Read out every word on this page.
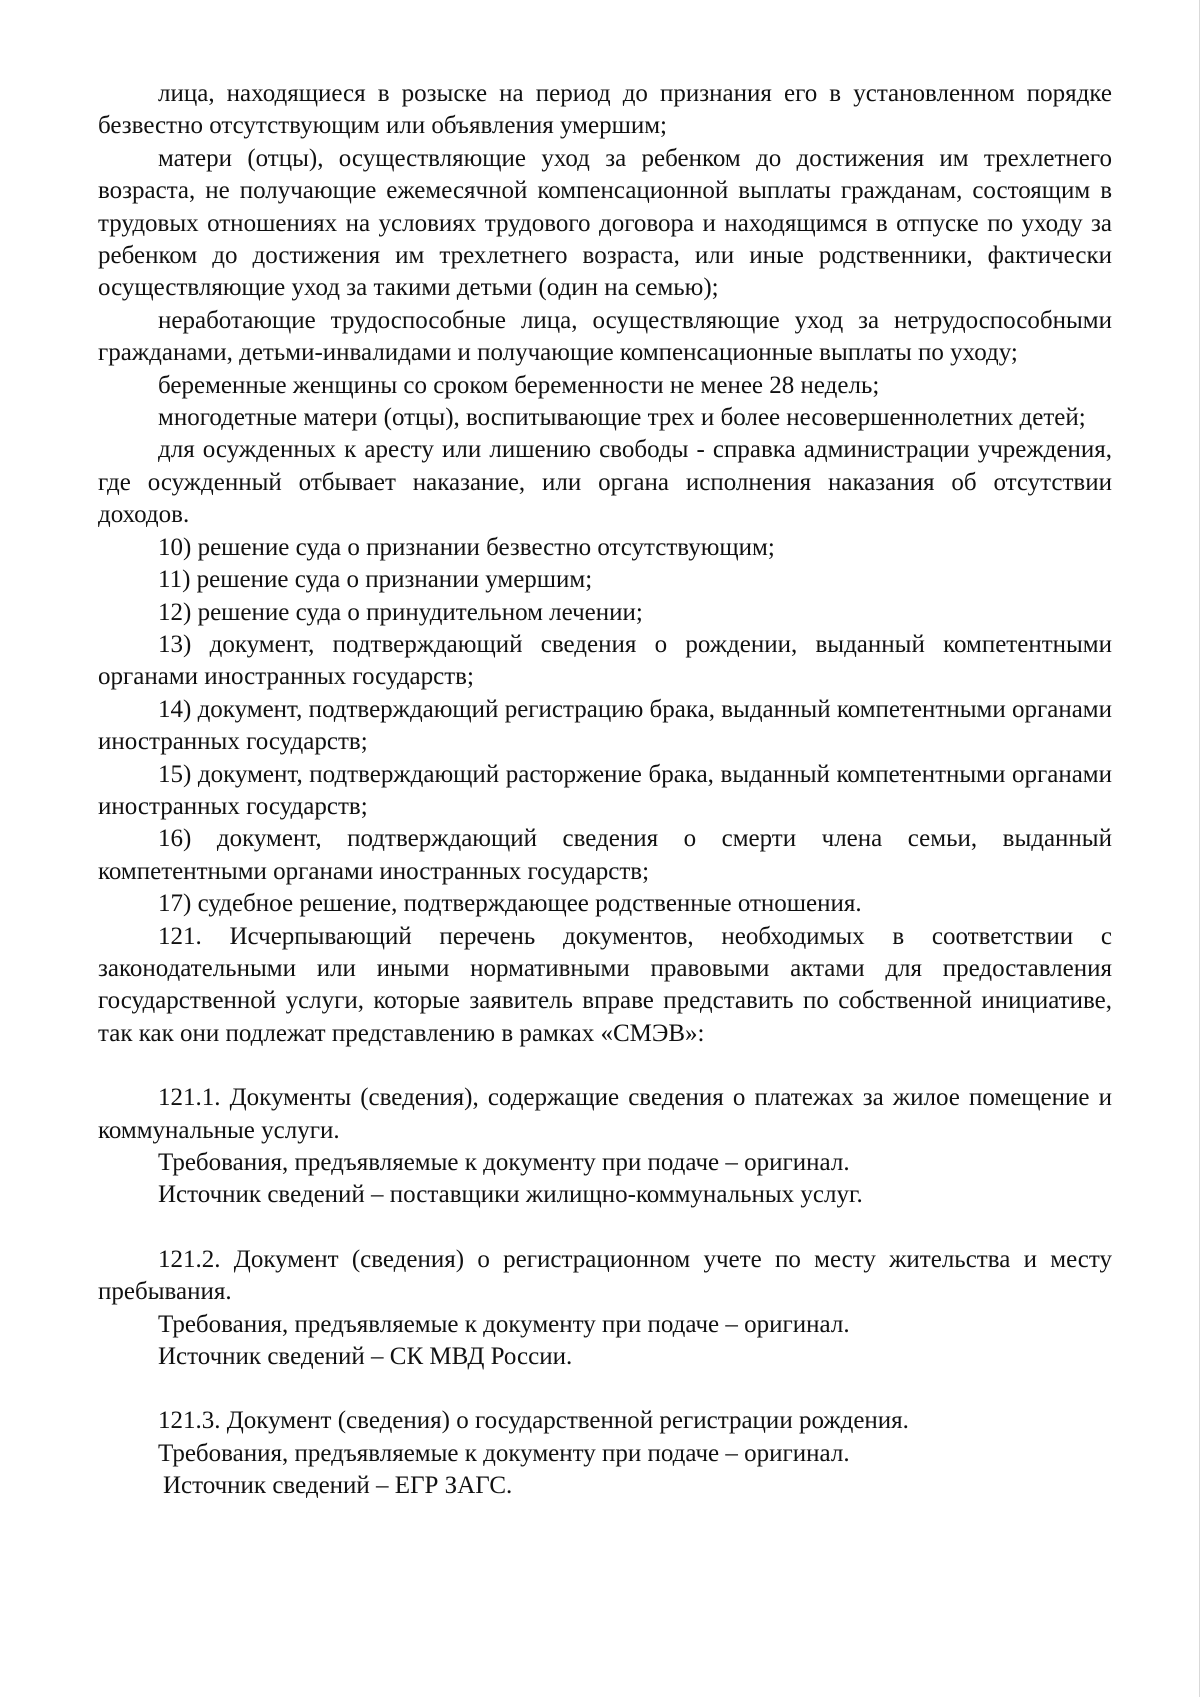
лица, находящиеся в розыске на период до признания его в установленном порядке безвестно отсутствующим или объявления умершим;

матери (отцы), осуществляющие уход за ребенком до достижения им трехлетнего возраста, не получающие ежемесячной компенсационной выплаты гражданам, состоящим в трудовых отношениях на условиях трудового договора и находящимся в отпуске по уходу за ребенком до достижения им трехлетнего возраста, или иные родственники, фактически осуществляющие уход за такими детьми (один на семью);

неработающие трудоспособные лица, осуществляющие уход за нетрудоспособными гражданами, детьми-инвалидами и получающие компенсационные выплаты по уходу;

беременные женщины со сроком беременности не менее 28 недель;

многодетные матери (отцы), воспитывающие трех и более несовершеннолетних детей;

для осужденных к аресту или лишению свободы - справка администрации учреждения, где осужденный отбывает наказание, или органа исполнения наказания об отсутствии доходов.

10) решение суда о признании безвестно отсутствующим;

11) решение суда о признании умершим;

12) решение суда о принудительном лечении;

13) документ, подтверждающий сведения о рождении, выданный компетентными органами иностранных государств;

14) документ, подтверждающий регистрацию брака, выданный компетентными органами иностранных государств;

15) документ, подтверждающий расторжение брака, выданный компетентными органами иностранных государств;

16) документ, подтверждающий сведения о смерти члена семьи, выданный компетентными органами иностранных государств;

17) судебное решение, подтверждающее родственные отношения.

121. Исчерпывающий перечень документов, необходимых в соответствии с законодательными или иными нормативными правовыми актами для предоставления государственной услуги, которые заявитель вправе представить по собственной инициативе, так как они подлежат представлению в рамках «СМЭВ»:

121.1. Документы (сведения), содержащие сведения о платежах за жилое помещение и коммунальные услуги.

Требования, предъявляемые к документу при подаче – оригинал.

Источник сведений – поставщики жилищно-коммунальных услуг.

121.2. Документ (сведения) о регистрационном учете по месту жительства и месту пребывания.

Требования, предъявляемые к документу при подаче – оригинал.

Источник сведений – СК МВД России.

121.3. Документ (сведения) о государственной регистрации рождения.

Требования, предъявляемые к документу при подаче – оригинал.

Источник сведений – ЕГР ЗАГС.
